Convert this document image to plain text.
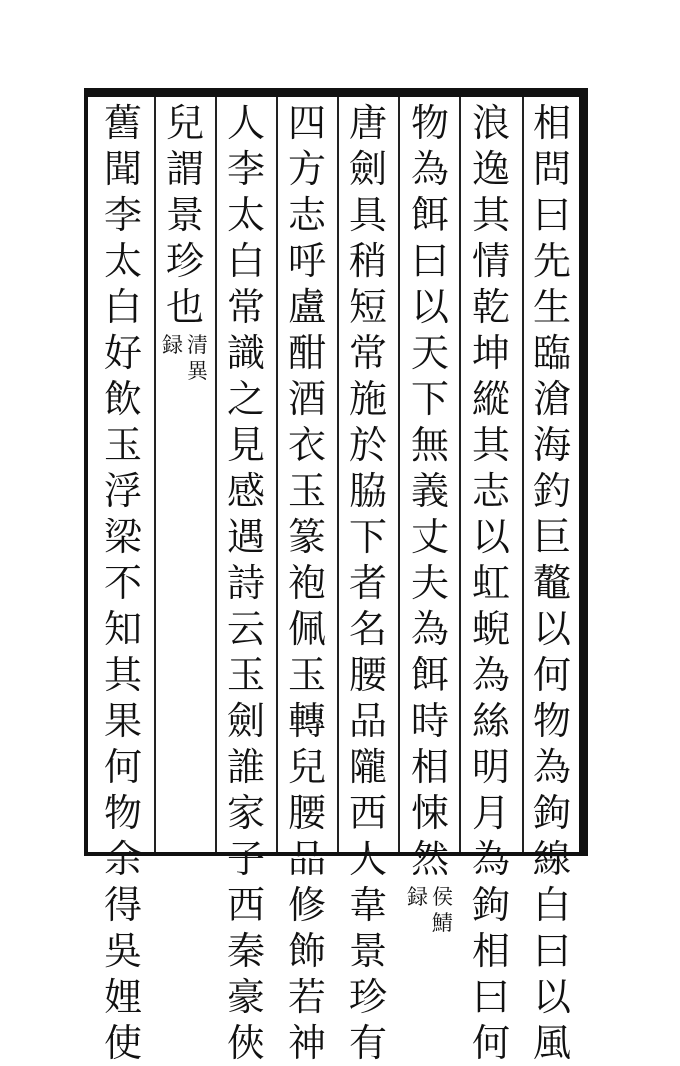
相
問
曰
先
生
臨
滄
海
釣
巨
鼇
以
何
物
為
鉤
線
白
曰
以
風
浪
逸
其
情
乾
坤
縱
其
志
以
虹
蜺
為
絲
明
月
為
鉤
相
曰
何
物
為
餌
曰
以
天
下
無
義
丈
夫
為
餌
時
相
悚
然
侯
鯖
録
唐
劍
具
稍
短
常
施
於
脇
下
者
名
腰
品
隴
西
人
韋
景
珍
有
四
方
志
呼
盧
酣
酒
衣
玉
篆
袍
佩
玉
轉
兒
腰
品
修
飾
若
神
人
李
太
白
常
識
之
見
感
遇
詩
云
玉
劍
誰
家
子
西
秦
豪
俠
兒
謂
景
珍
也
清
異
録
舊
聞
李
太
白
好
飲
玉
浮
梁
不
知
其
果
何
物
余
得
吳
娌
使
